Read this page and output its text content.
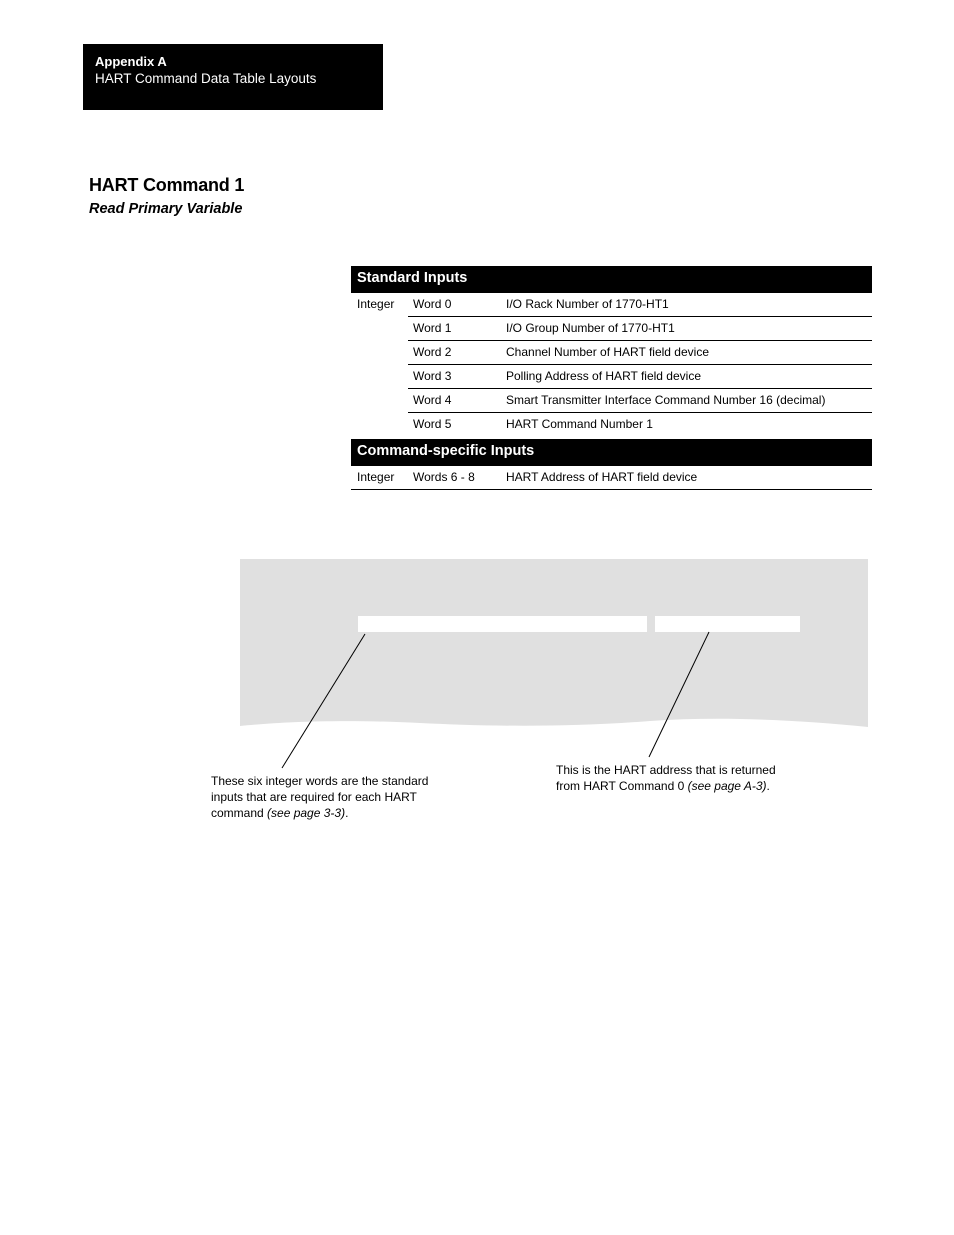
Appendix A
HART Command Data Table Layouts
HART Command 1
Read Primary Variable
Standard Inputs
Integer Word 0	I/O Rack Number of 1770-HT1
Word 1	I/O Group Number of 1770-HT1
Word 2	Channel Number of HART field device
Word 3	Polling Address of HART field device
Word 4	Smart Transmitter Interface Command Number 16 (decimal)
Word 5	HART Command Number 1
Command-specific Inputs
Integer Words 6 - 8	HART Address of HART field device
These six integer words are the standard inputs that are required for each HART command (see page 3-3).
This is the HART address that is returned from HART Command 0 (see page A-3).
